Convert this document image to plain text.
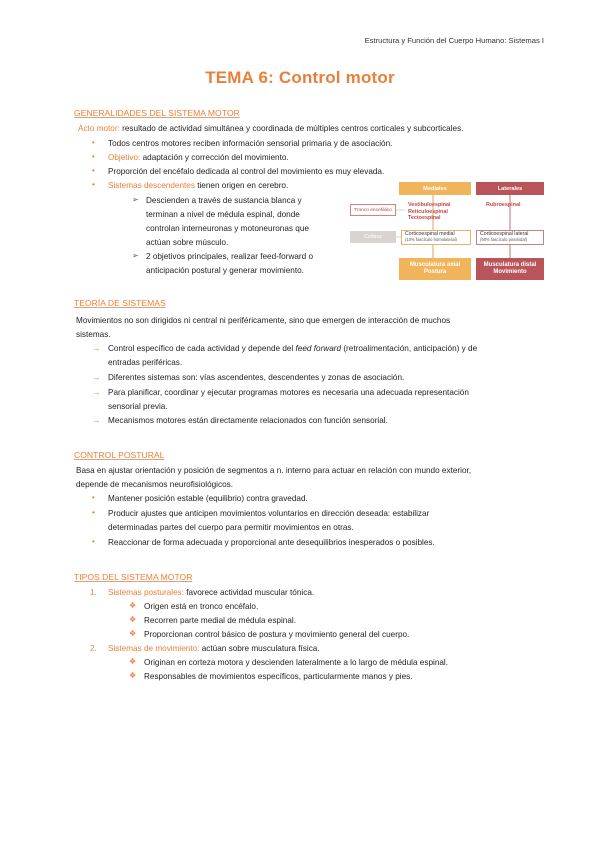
Estructura y Función del Cuerpo Humano: Sistemas I
TEMA 6: Control motor
GENERALIDADES DEL SISTEMA MOTOR
Acto motor: resultado de actividad simultánea y coordinada de múltiples centros corticales y subcorticales.
• Todos centros motores reciben información sensorial primaria y de asociación.
• Objetivo: adaptación y corrección del movimiento.
• Proporción del encéfalo dedicada al control del movimiento es muy elevada.
• Sistemas descendentes tienen origen en cerebro.
➢ Descienden a través de sustancia blanca y
terminan a nivel de médula espinal, donde
controlan interneuronas y motoneuronas que
actúan sobre músculo.
➢ 2 objetivos principales, realizar feed-forward o
anticipación postural y generar movimiento.
Mediales	Laterales
Tronco encefálico
Corteza
Vestibuloespinal
Reticuloespinal
Tectoespinal
Rubroespinal
Corticoespinal medial
(10% fascículo homolateral)
Corticoespinal lateral
(90% fascículo piramidal)
Musculatura axial
Postura
Musculatura distal
Movimiento
TEORÍA DE SISTEMAS
Movimientos no son dirigidos ni central ni periféricamente, sino que emergen de interacción de muchos
sistemas.
→ Control específico de cada actividad y depende del feed forward (retroalimentación, anticipación) y de
entradas periféricas.
→ Diferentes sistemas son: vías ascendentes, descendentes y zonas de asociación.
→ Para planificar, coordinar y ejecutar programas motores es necesaria una adecuada representación
sensorial previa.
→ Mecanismos motores están directamente relacionados con función sensorial.
CONTROL POSTURAL
Basa en ajustar orientación y posición de segmentos a n. interno para actuar en relación con mundo exterior,
depende de mecanismos neurofisiológicos.
• Mantener posición estable (equilibrio) contra gravedad.
• Producir ajustes que anticipen movimientos voluntarios en dirección deseada: estabilizar
determinadas partes del cuerpo para permitir movimientos en otras.
• Reaccionar de forma adecuada y proporcional ante desequilibrios inesperados o posibles.
TIPOS DEL SISTEMA MOTOR
1. Sistemas posturales: favorece actividad muscular tónica.
❖ Origen está en tronco encéfalo.
❖ Recorren parte medial de médula espinal.
❖ Proporcionan control básico de postura y movimiento general del cuerpo.
2. Sistemas de movimiento: actúan sobre musculatura física.
❖ Originan en corteza motora y descienden lateralmente a lo largo de médula espinal.
❖ Responsables de movimientos específicos, particularmente manos y pies.
